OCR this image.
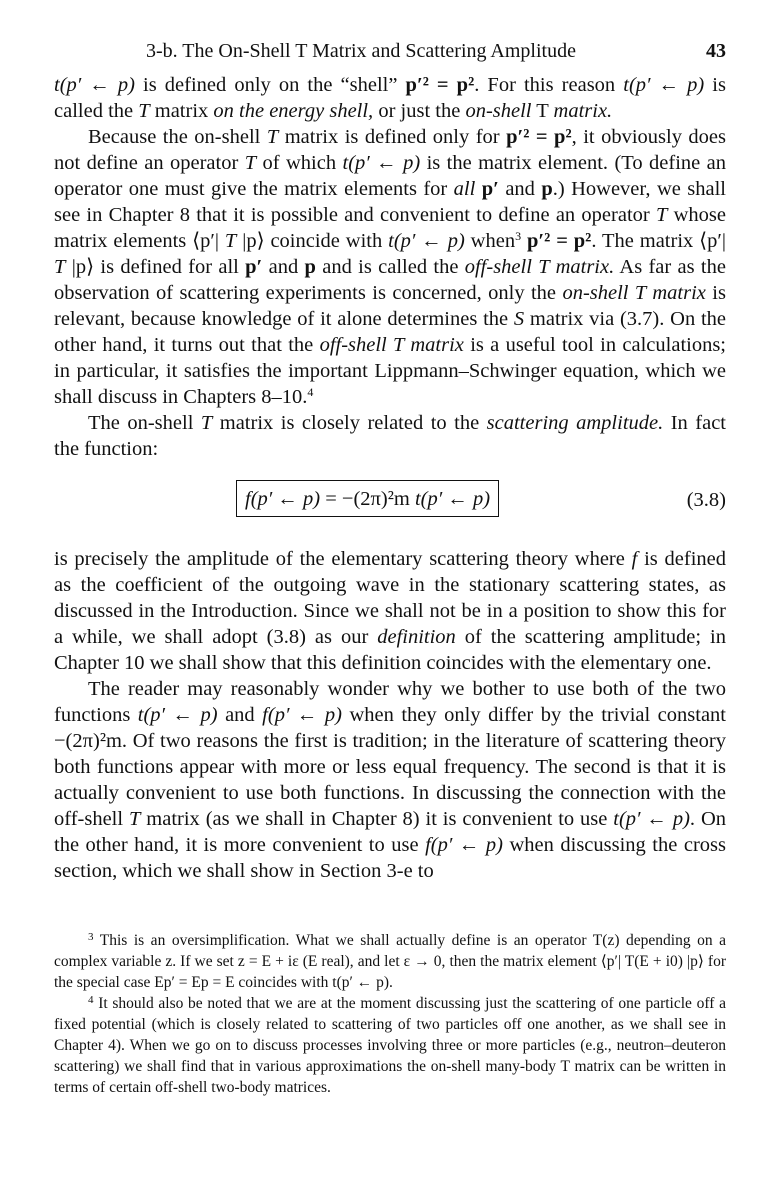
3-b. The On-Shell T Matrix and Scattering Amplitude	43

t(p′ ← p) is defined only on the “shell” p′² = p². For this reason t(p′ ← p) is called the T matrix on the energy shell, or just the on-shell T matrix.

Because the on-shell T matrix is defined only for p′² = p², it obviously does not define an operator T of which t(p′ ← p) is the matrix element. (To define an operator one must give the matrix elements for all p′ and p.) However, we shall see in Chapter 8 that it is possible and convenient to define an operator T whose matrix elements ⟨p′| T |p⟩ coincide with t(p′ ← p) when$^3$ p′² = p². The matrix ⟨p′| T |p⟩ is defined for all p′ and p and is called the off-shell T matrix. As far as the observation of scattering experiments is concerned, only the on-shell T matrix is relevant, because knowledge of it alone determines the S matrix via (3.7). On the other hand, it turns out that the off-shell T matrix is a useful tool in calculations; in particular, it satisfies the important Lippmann–Schwinger equation, which we shall discuss in Chapters 8–10.$^4$

The on-shell T matrix is closely related to the scattering amplitude. In fact the function:

f(p′ ← p) = −(2π)²m t(p′ ← p)	(3.8)

is precisely the amplitude of the elementary scattering theory where f is defined as the coefficient of the outgoing wave in the stationary scattering states, as discussed in the Introduction. Since we shall not be in a position to show this for a while, we shall adopt (3.8) as our definition of the scattering amplitude; in Chapter 10 we shall show that this definition coincides with the elementary one.

The reader may reasonably wonder why we bother to use both of the two functions t(p′ ← p) and f(p′ ← p) when they only differ by the trivial constant −(2π)²m. Of two reasons the first is tradition; in the literature of scattering theory both functions appear with more or less equal frequency. The second is that it is actually convenient to use both functions. In discussing the connection with the off-shell T matrix (as we shall in Chapter 8) it is convenient to use t(p′ ← p). On the other hand, it is more convenient to use f(p′ ← p) when discussing the cross section, which we shall show in Section 3-e to

$^3$ This is an oversimplification. What we shall actually define is an operator T(z) depending on a complex variable z. If we set z = E + iε (E real), and let ε → 0, then the matrix element ⟨p′| T(E + i0) |p⟩ for the special case Ep′ = Ep = E coincides with t(p′ ← p).

$^4$ It should also be noted that we are at the moment discussing just the scattering of one particle off a fixed potential (which is closely related to scattering of two particles off one another, as we shall see in Chapter 4). When we go on to discuss processes involving three or more particles (e.g., neutron–deuteron scattering) we shall find that in various approximations the on-shell many-body T matrix can be written in terms of certain off-shell two-body matrices.
